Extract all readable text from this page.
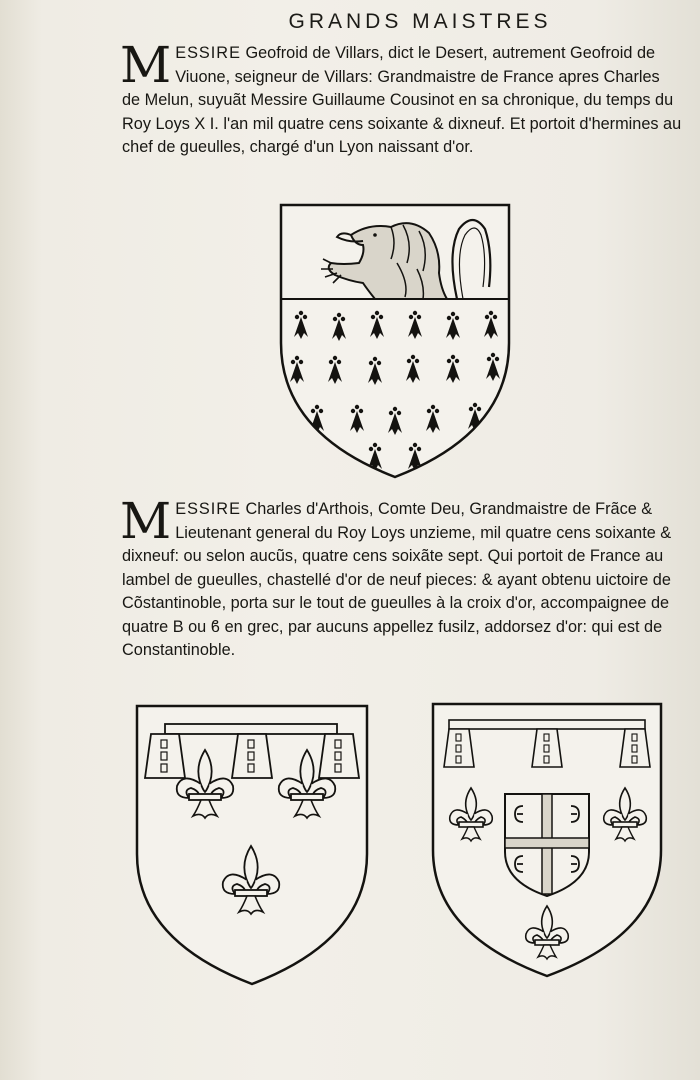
GRANDS MAISTRES
MESSIRE Geofroid de Villars, dict le Desert, autrement Geofroid de Viuone, seigneur de Villars: Grandmaistre de France apres Charles de Melun, suyuãt Messire Guillaume Cousinot en sa chronique, du temps du Roy Loys X I. l'an mil quatre cens soixante & dixneuf. Et portoit d'hermines au chef de gueulles, chargé d'un Lyon naissant d'or.
MESSIRE Charles d'Arthois, Comte Deu, Grandmaistre de Frãce & Lieutenant general du Roy Loys unzieme, mil quatre cens soixante & dixneuf: ou selon aucũs, quatre cens soixãte sept. Qui portoit de France au lambel de gueulles, chastellé d'or de neuf pieces: & ayant obtenu uictoire de Cõstantinoble, porta sur le tout de gueulles à la croix d'or, accompaignee de quatre B ou ϐ en grec, par aucuns appellez fusilz, addorsez d'or: qui est de Constantinoble.
